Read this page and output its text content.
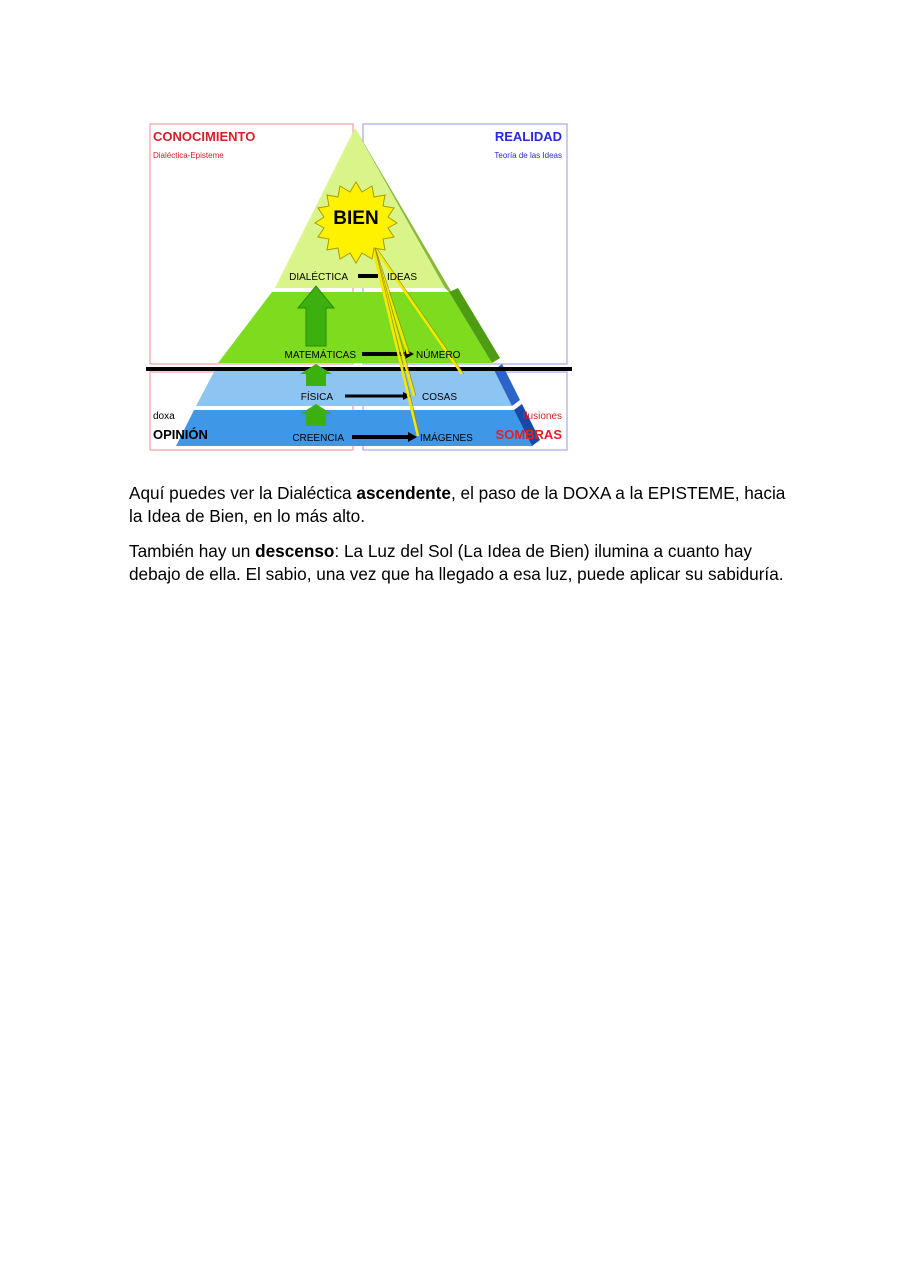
BIEN
CONOCIMIENTO
Dialéctica-Episteme
REALIDAD
Teoría de las Ideas
DIALÉCTICA	IDEAS
MATEMÁTICAS	NÚMERO
FÍSICA	COSAS
CREENCIA	IMÁGENES
doxa
OPINIÓN
Ilusiones
SOMBRAS

Aquí puedes ver la Dialéctica ascendente, el paso de la DOXA a la EPISTEME, hacia la Idea de Bien, en lo más alto.

También hay un descenso: La Luz del Sol (La Idea de Bien) ilumina a cuanto hay debajo de ella. El sabio, una vez que ha llegado a esa luz, puede aplicar su sabiduría.
